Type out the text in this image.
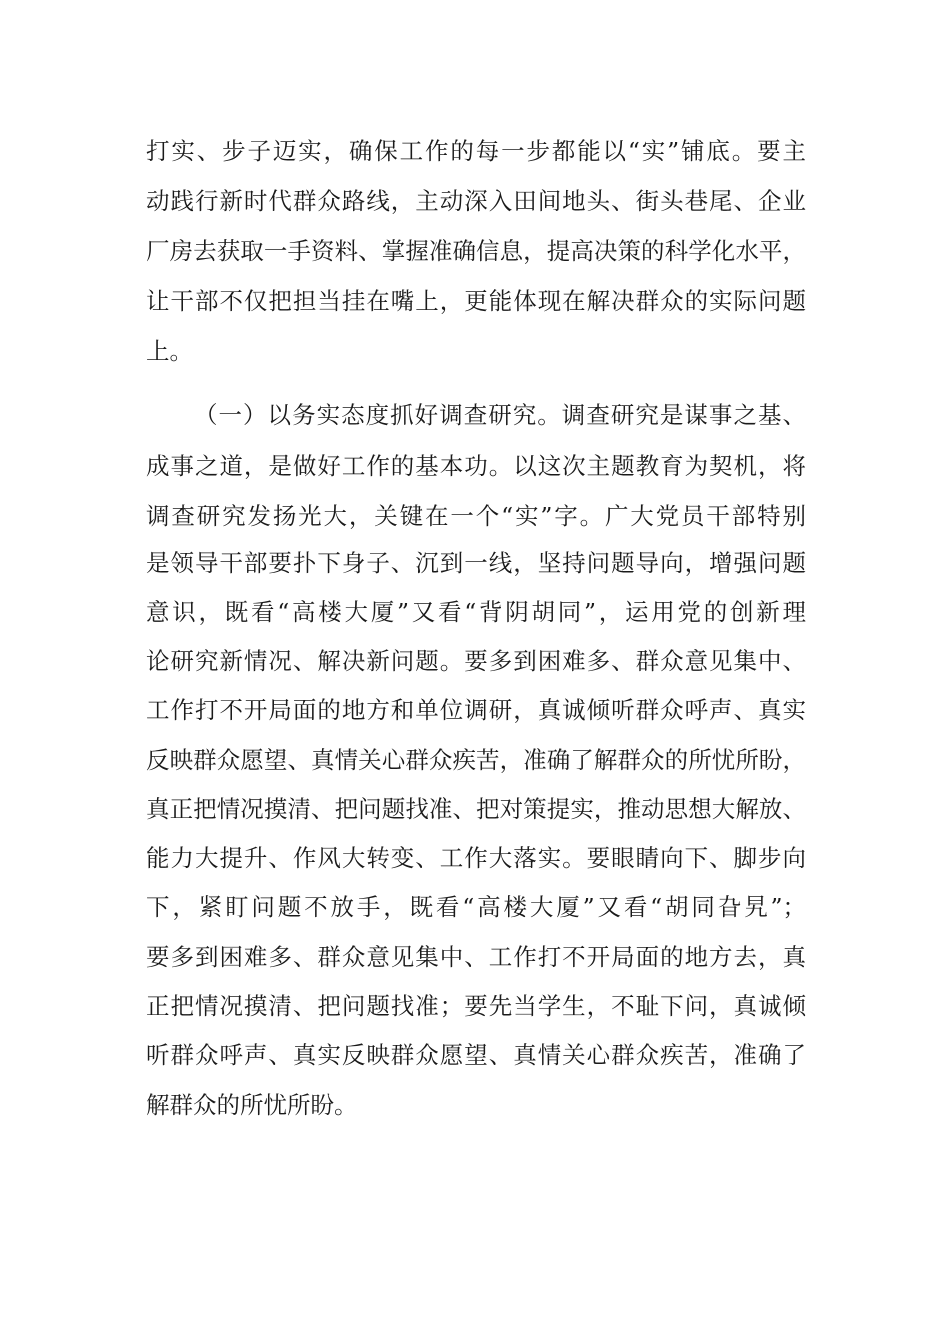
打实、步子迈实，确保工作的每一步都能以“实”铺底。要主
动践行新时代群众路线，主动深入田间地头、街头巷尾、企业
厂房去获取一手资料、掌握准确信息，提高决策的科学化水平，
让干部不仅把担当挂在嘴上，更能体现在解决群众的实际问题
上。
（一）以务实态度抓好调查研究。调查研究是谋事之基、
成事之道，是做好工作的基本功。以这次主题教育为契机，将
调查研究发扬光大，关键在一个“实”字。广大党员干部特别
是领导干部要扑下身子、沉到一线，坚持问题导向，增强问题
意识，既看“高楼大厦”又看“背阴胡同”，运用党的创新理
论研究新情况、解决新问题。要多到困难多、群众意见集中、
工作打不开局面的地方和单位调研，真诚倾听群众呼声、真实
反映群众愿望、真情关心群众疾苦，准确了解群众的所忧所盼，
真正把情况摸清、把问题找准、把对策提实，推动思想大解放、
能力大提升、作风大转变、工作大落实。要眼睛向下、脚步向
下，紧盯问题不放手，既看“高楼大厦”又看“胡同旮旯”；
要多到困难多、群众意见集中、工作打不开局面的地方去，真
正把情况摸清、把问题找准；要先当学生，不耻下问，真诚倾
听群众呼声、真实反映群众愿望、真情关心群众疾苦，准确了
解群众的所忧所盼。
